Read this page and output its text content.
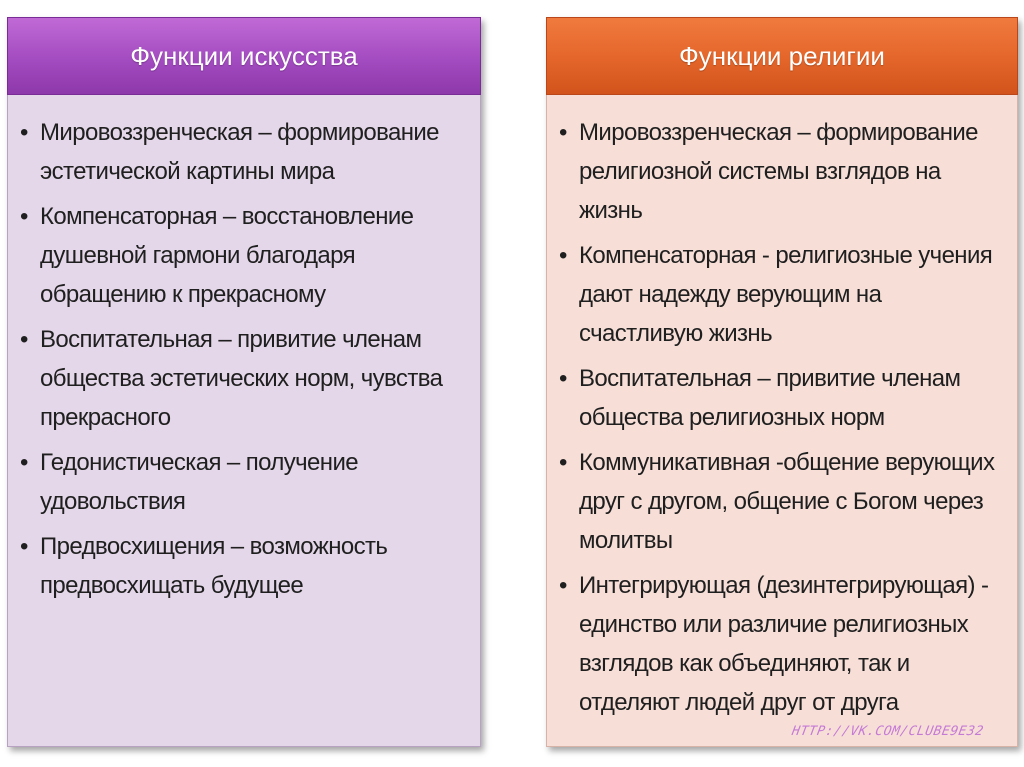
Функции искусства
• Мировоззренческая – формирование эстетической картины мира
• Компенсаторная – восстановление душевной гармони благодаря обращению к прекрасному
• Воспитательная – привитие членам общества эстетических норм, чувства прекрасного
• Гедонистическая – получение удовольствия
• Предвосхищения – возможность предвосхищать будущее
Функции религии
• Мировоззренческая – формирование религиозной системы взглядов на жизнь
• Компенсаторная - религиозные учения дают надежду верующим на счастливую жизнь
• Воспитательная – привитие членам общества религиозных норм
• Коммуникативная -общение верующих друг с другом, общение с Богом через молитвы
• Интегрирующая (дезинтегрирующая) - единство или различие религиозных взглядов как объединяют, так и отделяют людей друг от друга
HTTP://VK.COM/CLUBE9E32
